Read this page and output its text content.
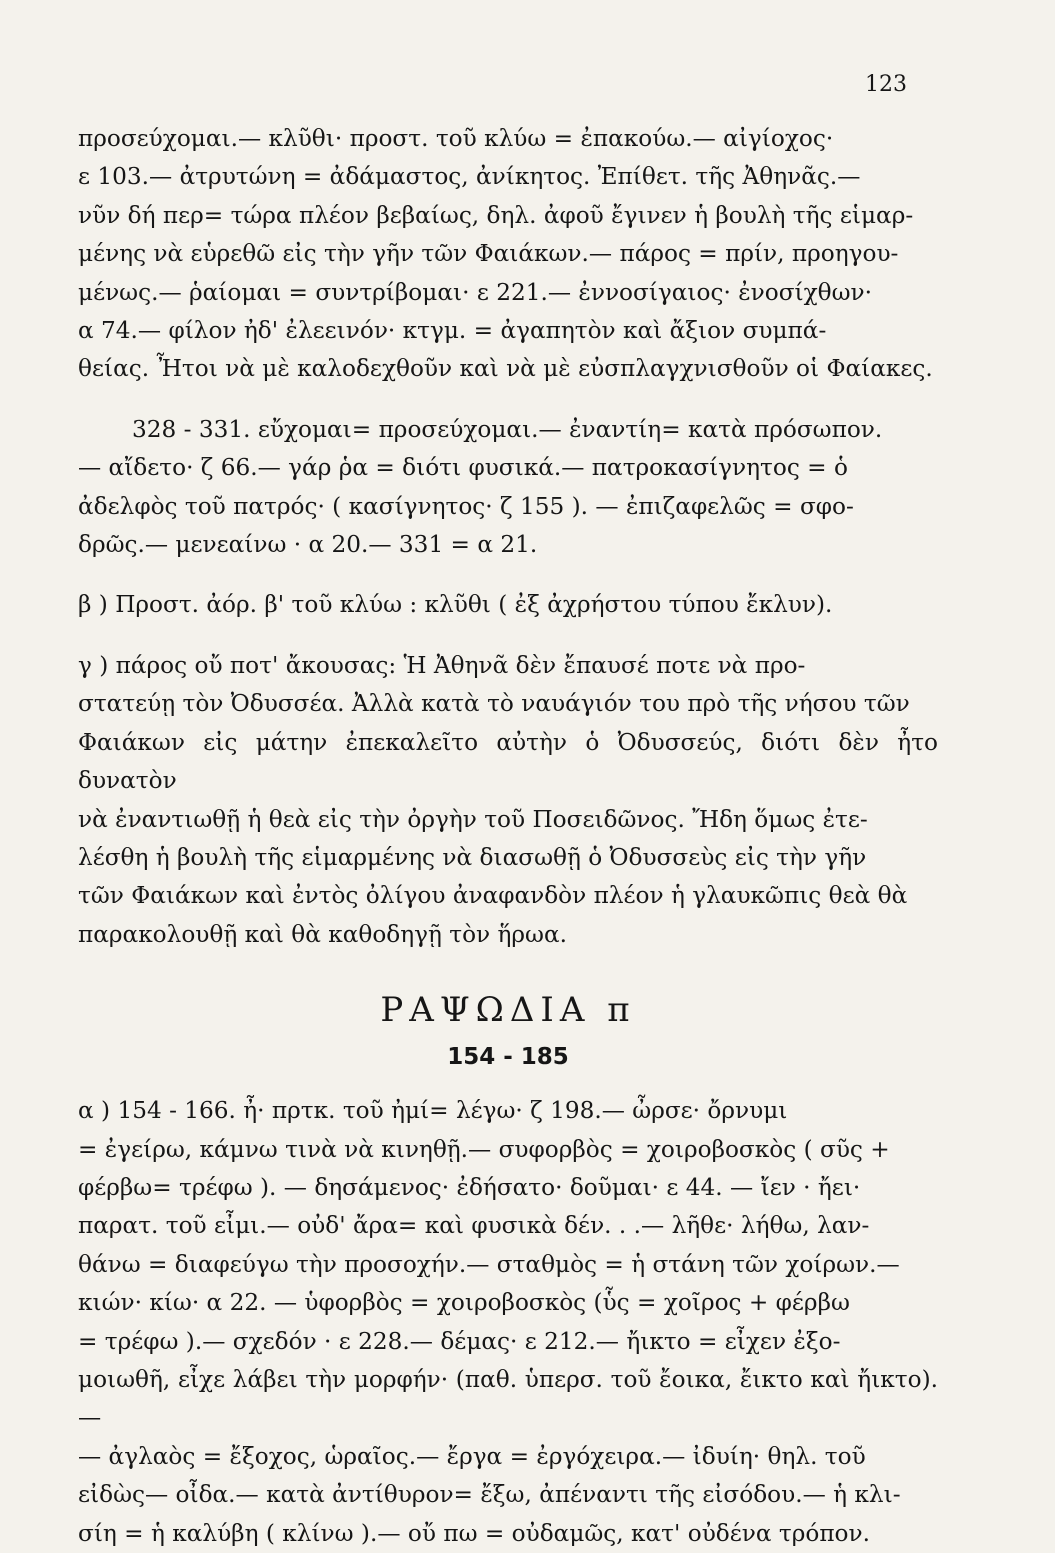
123

προσεύχομαι.— κλῦθι· προστ. τοῦ κλύω = ἐπακούω.— αἰγίοχος·

ε 103.— ἀτρυτώνη = ἀδάμαστος, ἀνίκητος. Ἐπίθετ. τῆς Ἀθηνᾶς.—

νῦν δή περ= τώρα πλέον βεβαίως, δηλ. ἀφοῦ ἔγινεν ἡ βουλὴ τῆς εἱμαρ-

μένης νὰ εὑρεθῶ εἰς τὴν γῆν τῶν Φαιάκων.— πάρος = πρίν, προηγου-

μένως.— ῥαίομαι = συντρίβομαι· ε 221.— ἐννοσίγαιος· ἐνοσίχθων·

α 74.— φίλον ἠδ' ἐλεεινόν· κτγμ. = ἀγαπητὸν καὶ ἄξιον συμπά-

θείας. Ἦτοι νὰ μὲ καλοδεχθοῦν καὶ νὰ μὲ εὐσπλαγχνισθοῦν οἱ Φαίακες.

328 - 331. εὔχομαι= προσεύχομαι.— ἐναντίη= κατὰ πρόσωπον.

— αἴδετο· ζ 66.— γάρ ῥα = διότι φυσικά.— πατροκασίγνητος = ὁ

ἀδελφὸς τοῦ πατρός· ( κασίγνητος· ζ 155 ). — ἐπιζαφελῶς = σφο-

δρῶς.— μενεαίνω · α 20.— 331 = α 21.

β ) Προστ. ἀόρ. β' τοῦ κλύω : κλῦθι ( ἐξ ἀχρήστου τύπου ἔκλυν).

γ ) πάρος οὔ ποτ' ἄκουσας: Ἡ Ἀθηνᾶ δὲν ἔπαυσέ ποτε νὰ προ-

στατεύῃ τὸν Ὀδυσσέα. Ἀλλὰ κατὰ τὸ ναυάγιόν του πρὸ τῆς νήσου τῶν

Φαιάκων εἰς μάτην ἐπεκαλεῖτο αὐτὴν ὁ Ὀδυσσεύς, διότι δὲν ἦτο δυνατὸν

νὰ ἐναντιωθῇ ἡ θεὰ εἰς τὴν ὀργὴν τοῦ Ποσειδῶνος. Ἤδη ὅμως ἐτε-

λέσθη ἡ βουλὴ τῆς εἱμαρμένης νὰ διασωθῇ ὁ Ὀδυσσεὺς εἰς τὴν γῆν

τῶν Φαιάκων καὶ ἐντὸς ὀλίγου ἀναφανδὸν πλέον ἡ γλαυκῶπις θεὰ θὰ

παρακολουθῇ καὶ θὰ καθοδηγῇ τὸν ἥρωα.

ΡΑΨΩΔΙΑ π
154 - 185

α ) 154 - 166. ἦ· πρτκ. τοῦ ἠμί= λέγω· ζ 198.— ὦρσε· ὄρνυμι

= ἐγείρω, κάμνω τινὰ νὰ κινηθῇ.— συφορβὸς = χοιροβοσκὸς ( σῦς +

φέρβω= τρέφω ). — δησάμενος· ἐδήσατο· δοῦμαι· ε 44. — ἴεν · ἤει·

παρατ. τοῦ εἶμι.— οὐδ' ἄρα= καὶ φυσικὰ δέν. . .— λῆθε· λήθω, λαν-

θάνω = διαφεύγω τὴν προσοχήν.— σταθμὸς = ἡ στάνη τῶν χοίρων.—

κιών· κίω· α 22. — ὑφορβὸς = χοιροβοσκὸς (ὗς = χοῖρος + φέρβω

= τρέφω ).— σχεδόν · ε 228.— δέμας· ε 212.— ἤικτο = εἶχεν ἐξο-

μοιωθῆ, εἶχε λάβει τὴν μορφήν· (παθ. ὑπερσ. τοῦ ἔοικα, ἔικτο καὶ ἤικτο).—

— ἀγλαὸς = ἔξοχος, ὡραῖος.— ἔργα = ἐργόχειρα.— ἰδυίη· θηλ. τοῦ

εἰδὼς— οἶδα.— κατὰ ἀντίθυρον= ἔξω, ἀπέναντι τῆς εἰσόδου.— ἡ κλι-

σίη = ἡ καλύβη ( κλίνω ).— οὔ πω = οὐδαμῶς, κατ' οὐδένα τρόπον.
